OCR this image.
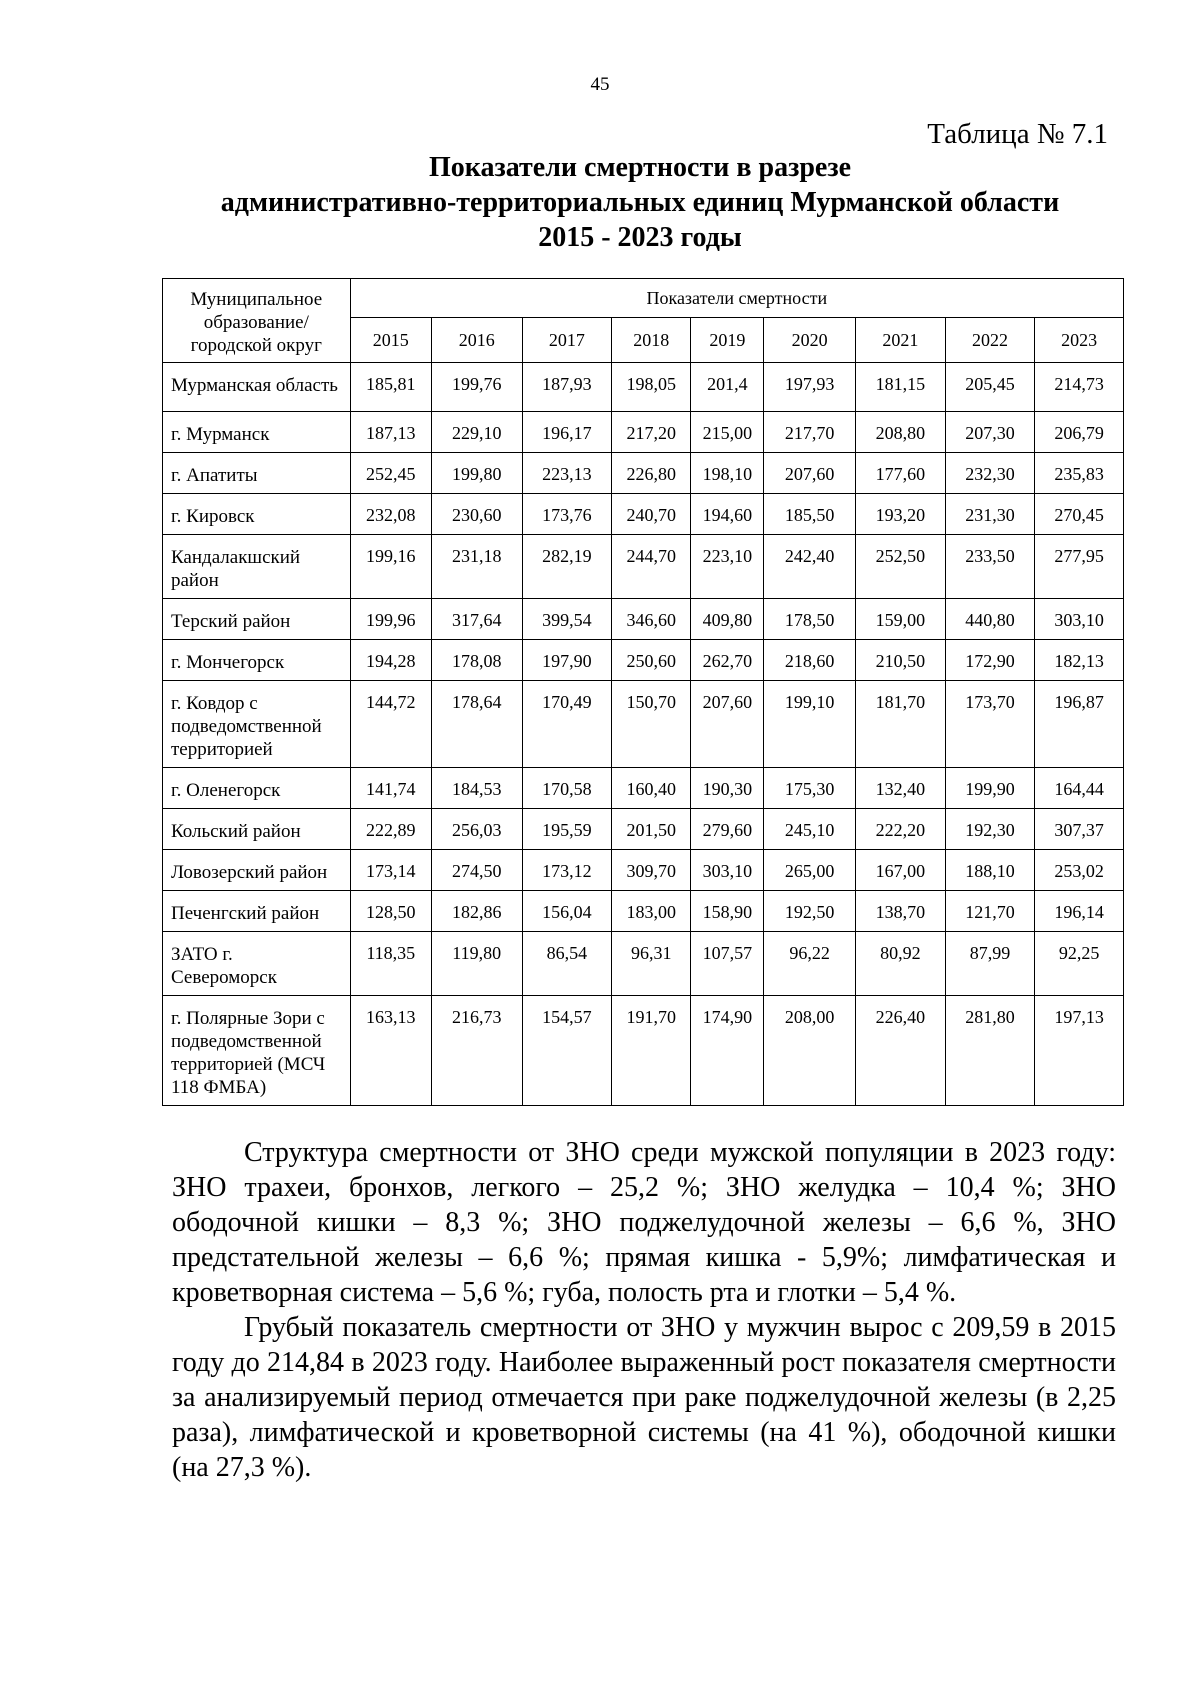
45
Таблица № 7.1
Показатели смертности в разрезе
административно-территориальных единиц Мурманской области
2015 - 2023 годы
Муниципальное образование/ городской округ	Показатели смертности								
	2015	2016	2017	2018	2019	2020	2021	2022	2023
Мурманская область	185,81	199,76	187,93	198,05	201,4	197,93	181,15	205,45	214,73
г. Мурманск	187,13	229,10	196,17	217,20	215,00	217,70	208,80	207,30	206,79
г. Апатиты	252,45	199,80	223,13	226,80	198,10	207,60	177,60	232,30	235,83
г. Кировск	232,08	230,60	173,76	240,70	194,60	185,50	193,20	231,30	270,45
Кандалакшский район	199,16	231,18	282,19	244,70	223,10	242,40	252,50	233,50	277,95
Терский район	199,96	317,64	399,54	346,60	409,80	178,50	159,00	440,80	303,10
г. Мончегорск	194,28	178,08	197,90	250,60	262,70	218,60	210,50	172,90	182,13
г. Ковдор с подведомственной территорией	144,72	178,64	170,49	150,70	207,60	199,10	181,70	173,70	196,87
г. Оленегорск	141,74	184,53	170,58	160,40	190,30	175,30	132,40	199,90	164,44
Кольский район	222,89	256,03	195,59	201,50	279,60	245,10	222,20	192,30	307,37
Ловозерский район	173,14	274,50	173,12	309,70	303,10	265,00	167,00	188,10	253,02
Печенгский район	128,50	182,86	156,04	183,00	158,90	192,50	138,70	121,70	196,14
ЗАТО г. Североморск	118,35	119,80	86,54	96,31	107,57	96,22	80,92	87,99	92,25
г. Полярные Зори с подведомственной территорией (МСЧ 118 ФМБА)	163,13	216,73	154,57	191,70	174,90	208,00	226,40	281,80	197,13

Структура смертности от ЗНО среди мужской популяции в 2023 году: ЗНО трахеи, бронхов, легкого – 25,2 %; ЗНО желудка – 10,4 %; ЗНО ободочной кишки – 8,3 %; ЗНО поджелудочной железы – 6,6 %, ЗНО предстательной железы – 6,6 %; прямая кишка - 5,9%; лимфатическая и кроветворная система – 5,6 %; губа, полость рта и глотки – 5,4 %.

Грубый показатель смертности от ЗНО у мужчин вырос с 209,59 в 2015 году до 214,84 в 2023 году. Наиболее выраженный рост показателя смертности за анализируемый период отмечается при раке поджелудочной железы (в 2,25 раза), лимфатической и кроветворной системы (на 41 %), ободочной кишки (на 27,3 %).
